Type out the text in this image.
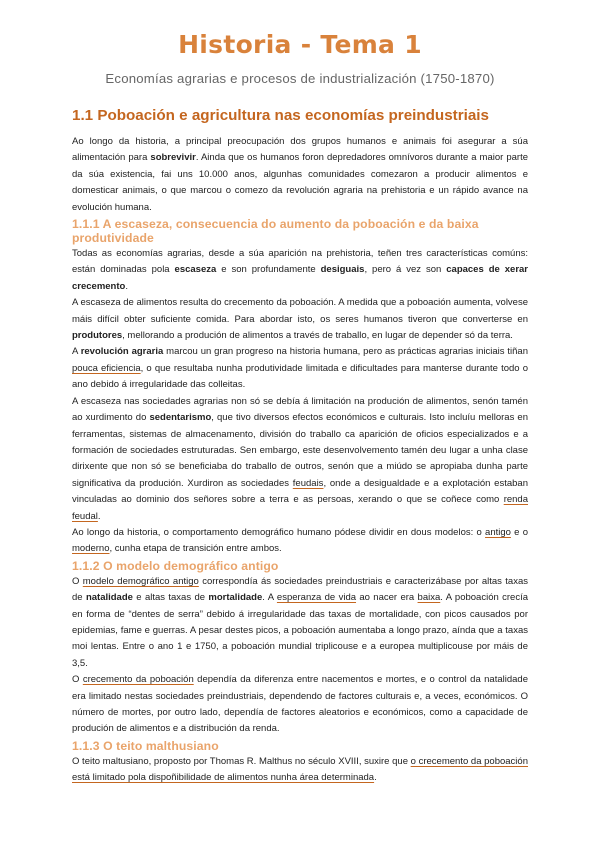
Historia - Tema 1
Economías agrarias e procesos de industrialización (1750-1870)
1.1 Poboación e agricultura nas economías preindustriais

Ao longo da historia, a principal preocupación dos grupos humanos e animais foi asegurar a súa alimentación para sobrevivir. Ainda que os humanos foron depredadores omnívoros durante a maior parte da súa existencia, fai uns 10.000 anos, algunhas comunidades comezaron a producir alimentos e domesticar animais, o que marcou o comezo da revolución agraria na prehistoria e un rápido avance na evolución humana.

1.1.1 A escaseza, consecuencia do aumento da poboación e da baixa produtividade

Todas as economías agrarias, desde a súa aparición na prehistoria, teñen tres características comúns: están dominadas pola escaseza e son profundamente desiguais, pero á vez son capaces de xerar crecemento.

A escaseza de alimentos resulta do crecemento da poboación. A medida que a poboación aumenta, volvese máis difícil obter suficiente comida. Para abordar isto, os seres humanos tiveron que converterse en produtores, mellorando a produción de alimentos a través de traballo, en lugar de depender só da terra.

A revolución agraria marcou un gran progreso na historia humana, pero as prácticas agrarias iniciais tiñan pouca eficiencia, o que resultaba nunha produtividade limitada e dificultades para manterse durante todo o ano debido á irregularidade das colleitas.

A escaseza nas sociedades agrarias non só se debía á limitación na produción de alimentos, senón tamén ao xurdimento do sedentarismo, que tivo diversos efectos económicos e culturais. Isto incluíu melloras en ferramentas, sistemas de almacenamento, división do traballo ca aparición de oficios especializados e a formación de sociedades estruturadas. Sen embargo, este desenvolvemento tamén deu lugar a unha clase dirixente que non só se beneficiaba do traballo de outros, senón que a miúdo se apropiaba dunha parte significativa da produción. Xurdiron as sociedades feudais, onde a desigualdade e a explotación estaban vinculadas ao dominio dos señores sobre a terra e as persoas, xerando o que se coñece como renda feudal.

Ao longo da historia, o comportamento demográfico humano pódese dividir en dous modelos: o antigo e o moderno, cunha etapa de transición entre ambos.

1.1.2 O modelo demográfico antigo

O modelo demográfico antigo correspondía ás sociedades preindustriais e caracterizábase por altas taxas de natalidade e altas taxas de mortalidade. A esperanza de vida ao nacer era baixa. A poboación crecía en forma de “dentes de serra” debido á irregularidade das taxas de mortalidade, con picos causados por epidemias, fame e guerras. A pesar destes picos, a poboación aumentaba a longo prazo, aínda que a taxas moi lentas. Entre o ano 1 e 1750, a poboación mundial triplicouse e a europea multiplicouse por máis de 3,5.

O crecemento da poboación dependía da diferenza entre nacementos e mortes, e o control da natalidade era limitado nestas sociedades preindustriais, dependendo de factores culturais e, a veces, económicos. O número de mortes, por outro lado, dependía de factores aleatorios e económicos, como a capacidade de produción de alimentos e a distribución da renda.

1.1.3 O teito malthusiano

O teito maltusiano, proposto por Thomas R. Malthus no século XVIII, suxire que o crecemento da poboación está limitado pola dispoñibilidade de alimentos nunha área determinada.
